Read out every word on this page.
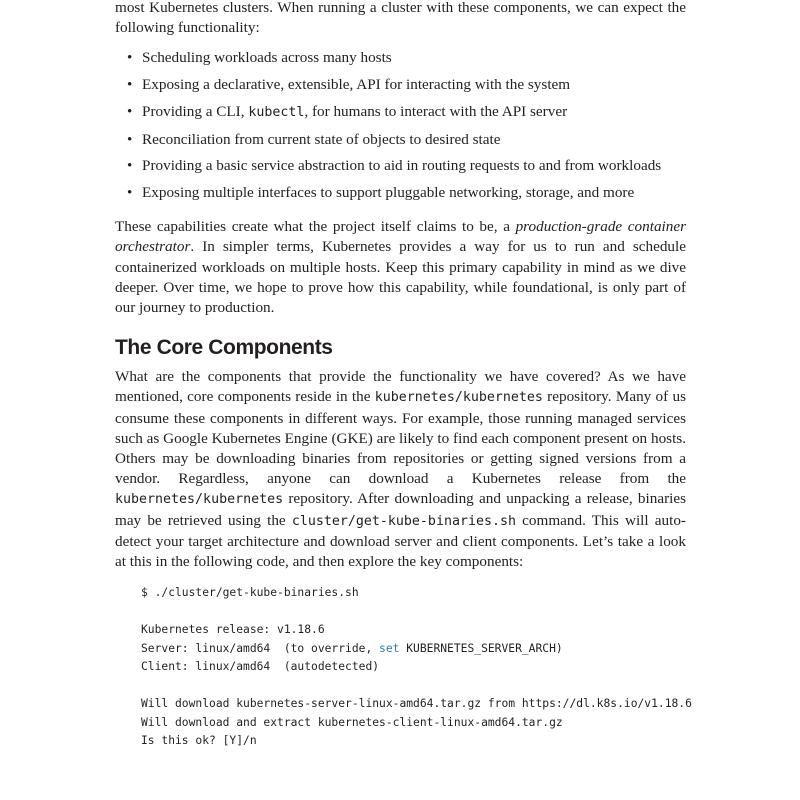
most Kubernetes clusters. When running a cluster with these components, we can expect the following functionality:

• Scheduling workloads across many hosts
• Exposing a declarative, extensible, API for interacting with the system
• Providing a CLI, kubectl, for humans to interact with the API server
• Reconciliation from current state of objects to desired state
• Providing a basic service abstraction to aid in routing requests to and from workloads
• Exposing multiple interfaces to support pluggable networking, storage, and more

These capabilities create what the project itself claims to be, a production-grade container orchestrator. In simpler terms, Kubernetes provides a way for us to run and schedule containerized workloads on multiple hosts. Keep this primary capability in mind as we dive deeper. Over time, we hope to prove how this capability, while foundational, is only part of our journey to production.

The Core Components

What are the components that provide the functionality we have covered? As we have mentioned, core components reside in the kubernetes/kubernetes repository. Many of us consume these components in different ways. For example, those running managed services such as Google Kubernetes Engine (GKE) are likely to find each component present on hosts. Others may be downloading binaries from repositories or getting signed versions from a vendor. Regardless, anyone can download a Kubernetes release from the kubernetes/kubernetes repository. After downloading and unpacking a release, binaries may be retrieved using the cluster/get-kube-binaries.sh command. This will auto-detect your target architecture and download server and client components. Let’s take a look at this in the following code, and then explore the key components:

$ ./cluster/get-kube-binaries.sh

Kubernetes release: v1.18.6
Server: linux/amd64  (to override, set KUBERNETES_SERVER_ARCH)
Client: linux/amd64  (autodetected)

Will download kubernetes-server-linux-amd64.tar.gz from https://dl.k8s.io/v1.18.6
Will download and extract kubernetes-client-linux-amd64.tar.gz
Is this ok? [Y]/n
